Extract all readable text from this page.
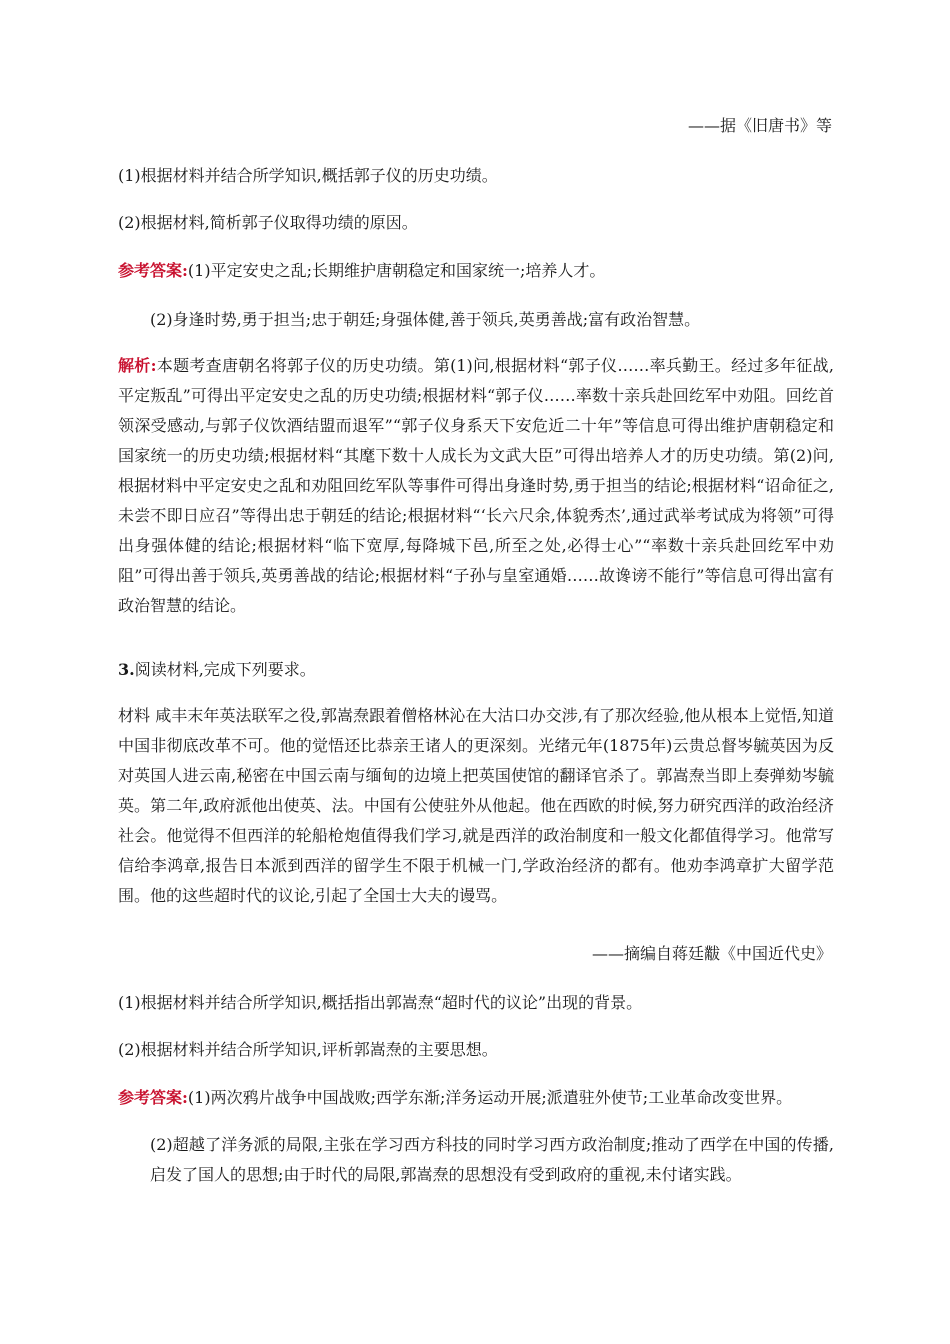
——据《旧唐书》等

(1)根据材料并结合所学知识,概括郭子仪的历史功绩。

(2)根据材料,简析郭子仪取得功绩的原因。

参考答案:(1)平定安史之乱;长期维护唐朝稳定和国家统一;培养人才。

(2)身逢时势,勇于担当;忠于朝廷;身强体健,善于领兵,英勇善战;富有政治智慧。

解析:本题考查唐朝名将郭子仪的历史功绩。第(1)问,根据材料“郭子仪……率兵勤王。经过多年征战,平定叛乱”可得出平定安史之乱的历史功绩;根据材料“郭子仪……率数十亲兵赴回纥军中劝阻。回纥首领深受感动,与郭子仪饮酒结盟而退军”“郭子仪身系天下安危近二十年”等信息可得出维护唐朝稳定和国家统一的历史功绩;根据材料“其麾下数十人成长为文武大臣”可得出培养人才的历史功绩。第(2)问,根据材料中平定安史之乱和劝阻回纥军队等事件可得出身逢时势,勇于担当的结论;根据材料“诏命征之,未尝不即日应召”等得出忠于朝廷的结论;根据材料“‘长六尺余,体貌秀杰’,通过武举考试成为将领”可得出身强体健的结论;根据材料“临下宽厚,每降城下邑,所至之处,必得士心”“率数十亲兵赴回纥军中劝阻”可得出善于领兵,英勇善战的结论;根据材料“子孙与皇室通婚……故谗谤不能行”等信息可得出富有政治智慧的结论。

3.阅读材料,完成下列要求。

材料 咸丰末年英法联军之役,郭嵩焘跟着僧格林沁在大沽口办交涉,有了那次经验,他从根本上觉悟,知道中国非彻底改革不可。他的觉悟还比恭亲王诸人的更深刻。光绪元年(1875年)云贵总督岑毓英因为反对英国人进云南,秘密在中国云南与缅甸的边境上把英国使馆的翻译官杀了。郭嵩焘当即上奏弹劾岑毓英。第二年,政府派他出使英、法。中国有公使驻外从他起。他在西欧的时候,努力研究西洋的政治经济社会。他觉得不但西洋的轮船枪炮值得我们学习,就是西洋的政治制度和一般文化都值得学习。他常写信给李鸿章,报告日本派到西洋的留学生不限于机械一门,学政治经济的都有。他劝李鸿章扩大留学范围。他的这些超时代的议论,引起了全国士大夫的谩骂。

——摘编自蒋廷黻《中国近代史》

(1)根据材料并结合所学知识,概括指出郭嵩焘“超时代的议论”出现的背景。

(2)根据材料并结合所学知识,评析郭嵩焘的主要思想。

参考答案:(1)两次鸦片战争中国战败;西学东渐;洋务运动开展;派遣驻外使节;工业革命改变世界。

(2)超越了洋务派的局限,主张在学习西方科技的同时学习西方政治制度;推动了西学在中国的传播,启发了国人的思想;由于时代的局限,郭嵩焘的思想没有受到政府的重视,未付诸实践。
